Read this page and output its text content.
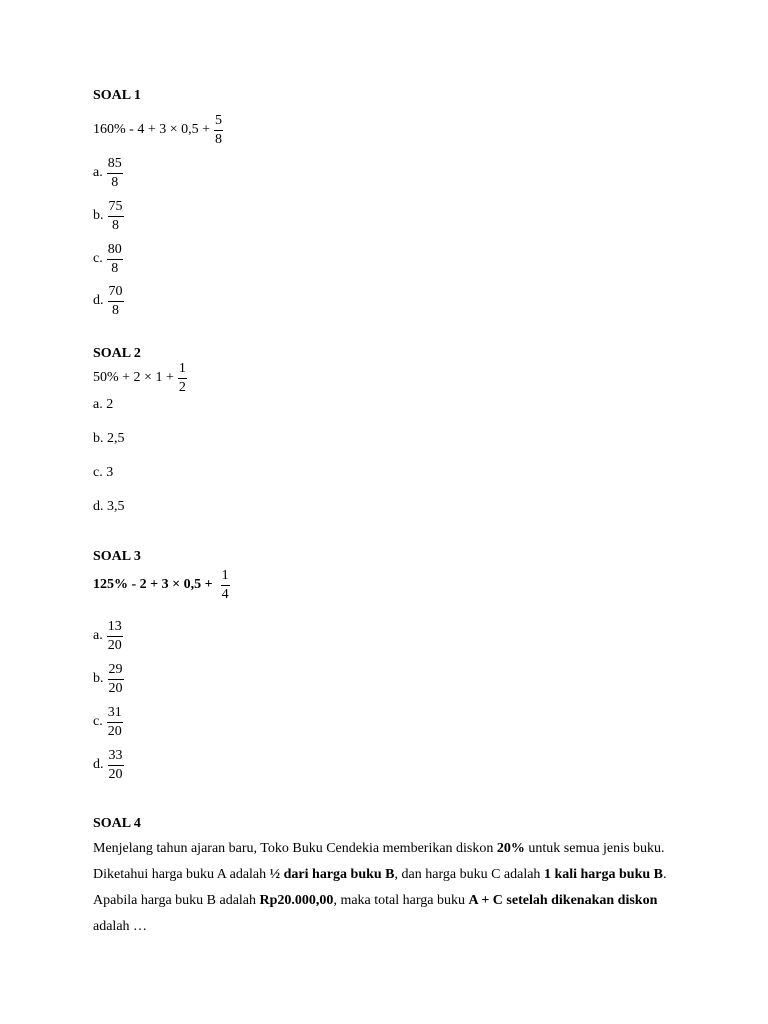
SOAL 1
$160\% - 4 + 3 \times 0,5 + \frac{5}{8}$
a. $\frac{85}{8}$
b. $\frac{75}{8}$
c. $\frac{80}{8}$
d. $\frac{70}{8}$
SOAL 2
$50\% + 2 \times 1 + \frac{1}{2}$
a. 2
b. 2,5
c. 3
d. 3,5
SOAL 3
$125\% - 2 + 3 \times 0,5 + \frac{1}{4}$
a. $\frac{13}{20}$
b. $\frac{29}{20}$
c. $\frac{31}{20}$
d. $\frac{33}{20}$
SOAL 4
Menjelang tahun ajaran baru, Toko Buku Cendekia memberikan diskon 20% untuk semua jenis buku. Diketahui harga buku A adalah ½ dari harga buku B, dan harga buku C adalah 1 kali harga buku B. Apabila harga buku B adalah Rp20.000,00, maka total harga buku A + C setelah dikenakan diskon adalah …
